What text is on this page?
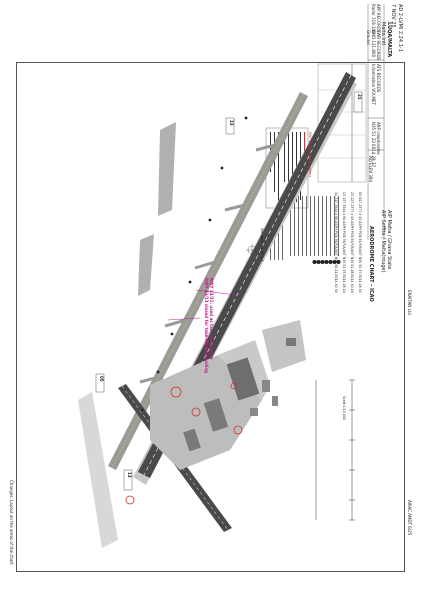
AD 2-LVMI 2.24.1-1
7 NOV 25
AIP Malta / Ghana State
AIP Seffita / Malta(rouge)
AERODROME CHART - ICAO
AD ELEV 394
ARP coordinates
N35 51 23 E014 28 37
ATS RECORDS
Information VOLMET
TWR RECORDS
GND 121.800
Ground
APP RECORDS
Radar 119.100
LUQA/MALTA
Malta Intl
RWY 13/31: used as taxi route when
RWY 31/13 closed for take-off and landing
RWY 13/31 hot spot warning
Hot spots see HS 1-3
Scale 1:15 000
31
13
05
23
AIRAC AMDT 6/25
ENAITAN Ltd
Changes: Layout on the areas of the chart
05 047 2377 x 45 ASPH PCN 55/F/B/W/T N35 50 37 E014 28 54
23 227 2377 x 45 ASPH PCN 55/F/B/W/T N35 51 28 E014 30 16
13 137 3544 x 60 ASPH PCN 76/F/A/W/T N35 51 35 E014 28 20
31 317 3544 x 60 ASPH PCN 76/F/A/W/T N35 50 21 E014 30 30
